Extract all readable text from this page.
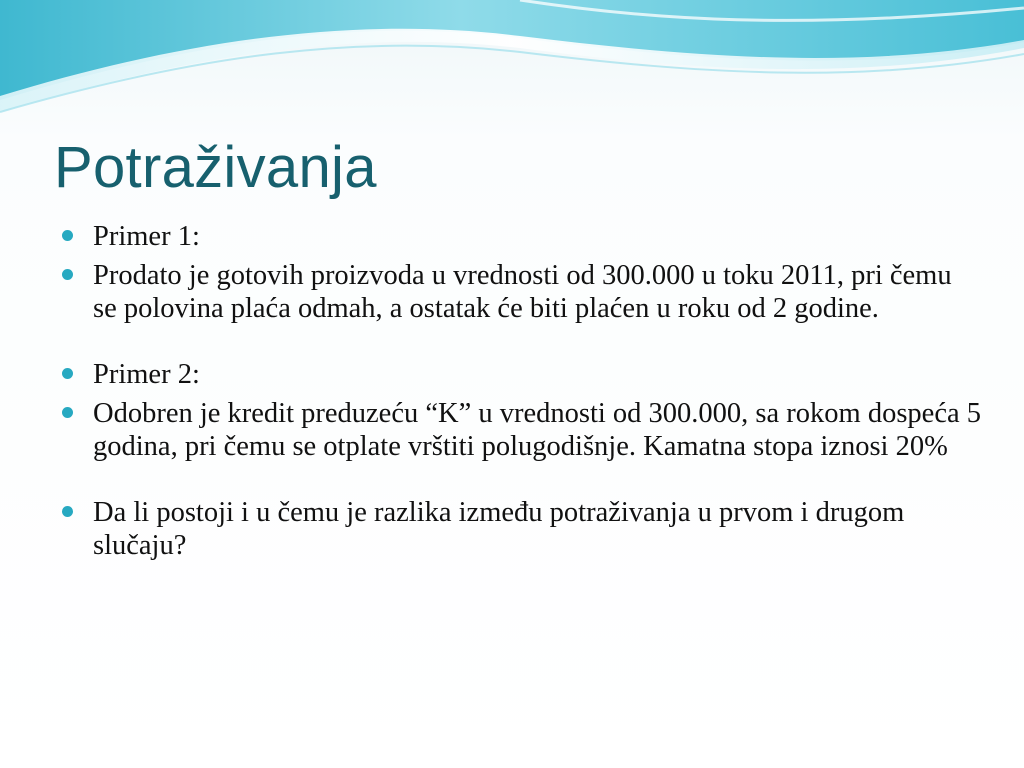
Potraživanja
Primer 1:
Prodato je gotovih proizvoda u vrednosti od 300.000 u toku 2011, pri čemu se polovina plaća odmah, a ostatak će biti plaćen u roku od 2 godine.
Primer 2:
Odobren je kredit preduzeću “K” u vrednosti od 300.000, sa rokom dospeća 5 godina, pri čemu se otplate vrštiti polugodišnje. Kamatna stopa iznosi 20%
Da li postoji i u čemu je razlika između potraživanja u prvom i drugom slučaju?
